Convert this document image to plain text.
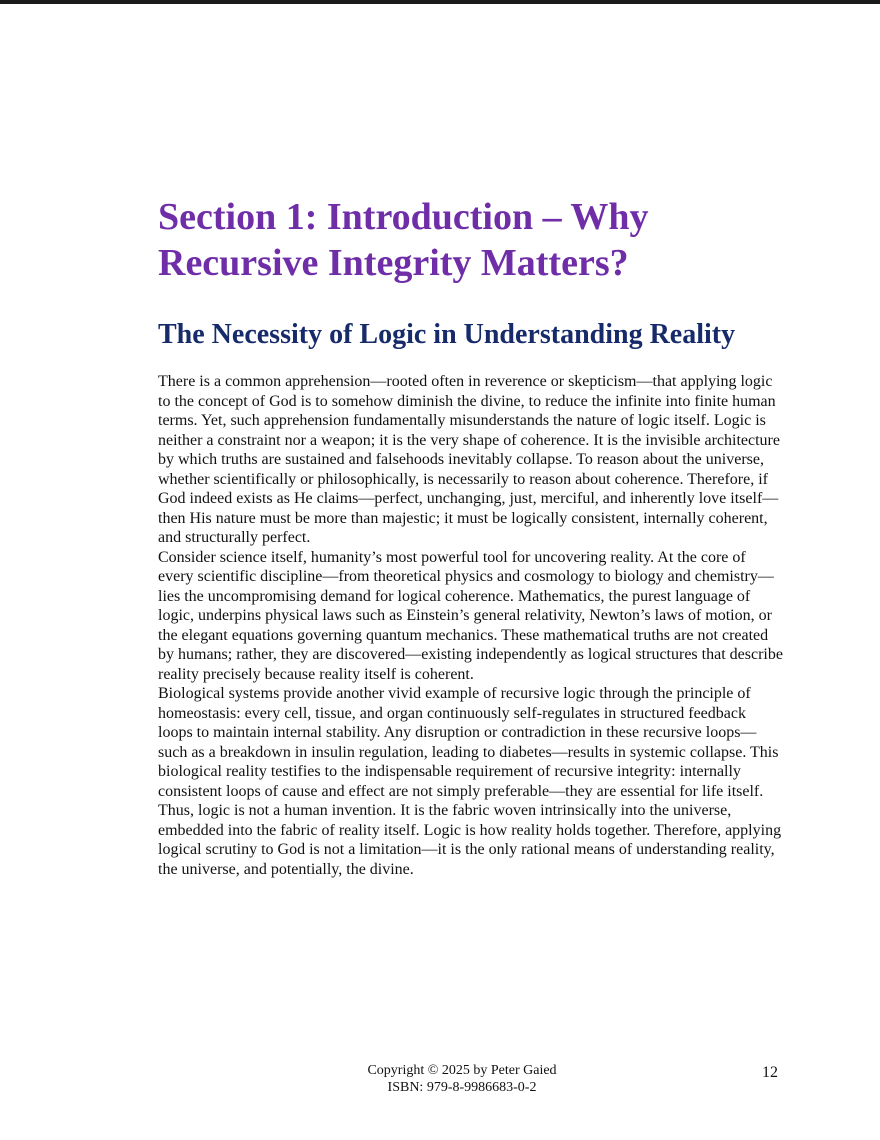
Section 1: Introduction – Why Recursive Integrity Matters?
The Necessity of Logic in Understanding Reality

There is a common apprehension—rooted often in reverence or skepticism—that applying logic to the concept of God is to somehow diminish the divine, to reduce the infinite into finite human terms. Yet, such apprehension fundamentally misunderstands the nature of logic itself. Logic is neither a constraint nor a weapon; it is the very shape of coherence. It is the invisible architecture by which truths are sustained and falsehoods inevitably collapse. To reason about the universe, whether scientifically or philosophically, is necessarily to reason about coherence. Therefore, if God indeed exists as He claims—perfect, unchanging, just, merciful, and inherently love itself—then His nature must be more than majestic; it must be logically consistent, internally coherent, and structurally perfect.

Consider science itself, humanity’s most powerful tool for uncovering reality. At the core of every scientific discipline—from theoretical physics and cosmology to biology and chemistry—lies the uncompromising demand for logical coherence. Mathematics, the purest language of logic, underpins physical laws such as Einstein’s general relativity, Newton’s laws of motion, or the elegant equations governing quantum mechanics. These mathematical truths are not created by humans; rather, they are discovered—existing independently as logical structures that describe reality precisely because reality itself is coherent.

Biological systems provide another vivid example of recursive logic through the principle of homeostasis: every cell, tissue, and organ continuously self-regulates in structured feedback loops to maintain internal stability. Any disruption or contradiction in these recursive loops—such as a breakdown in insulin regulation, leading to diabetes—results in systemic collapse. This biological reality testifies to the indispensable requirement of recursive integrity: internally consistent loops of cause and effect are not simply preferable—they are essential for life itself.

Thus, logic is not a human invention. It is the fabric woven intrinsically into the universe, embedded into the fabric of reality itself. Logic is how reality holds together. Therefore, applying logical scrutiny to God is not a limitation—it is the only rational means of understanding reality, the universe, and potentially, the divine.

Copyright © 2025 by Peter Gaied
ISBN: 979-8-9986683-0-2
12
